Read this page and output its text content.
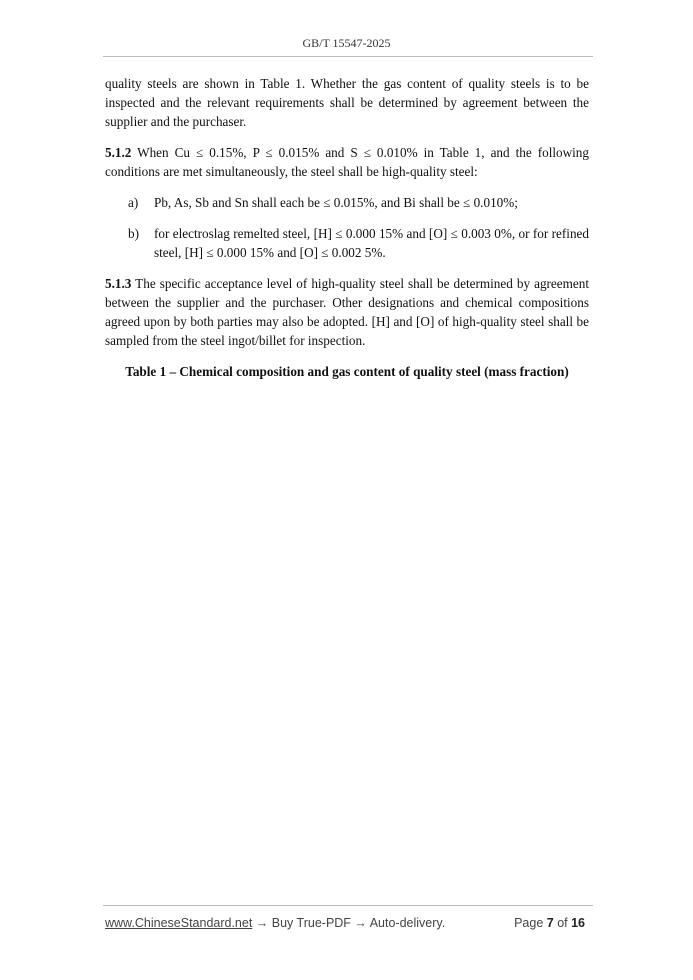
GB/T 15547-2025

quality steels are shown in Table 1. Whether the gas content of quality steels is to be inspected and the relevant requirements shall be determined by agreement between the supplier and the purchaser.

5.1.2 When Cu ≤ 0.15%, P ≤ 0.015% and S ≤ 0.010% in Table 1, and the following conditions are met simultaneously, the steel shall be high-quality steel:

a) Pb, As, Sb and Sn shall each be ≤ 0.015%, and Bi shall be ≤ 0.010%;
b) for electroslag remelted steel, [H] ≤ 0.000 15% and [O] ≤ 0.003 0%, or for refined steel, [H] ≤ 0.000 15% and [O] ≤ 0.002 5%.

5.1.3 The specific acceptance level of high-quality steel shall be determined by agreement between the supplier and the purchaser. Other designations and chemical compositions agreed upon by both parties may also be adopted. [H] and [O] of high-quality steel shall be sampled from the steel ingot/billet for inspection.

Table 1 – Chemical composition and gas content of quality steel (mass fraction)
www.ChineseStandard.net → Buy True-PDF → Auto-delivery.	Page 7 of 16
